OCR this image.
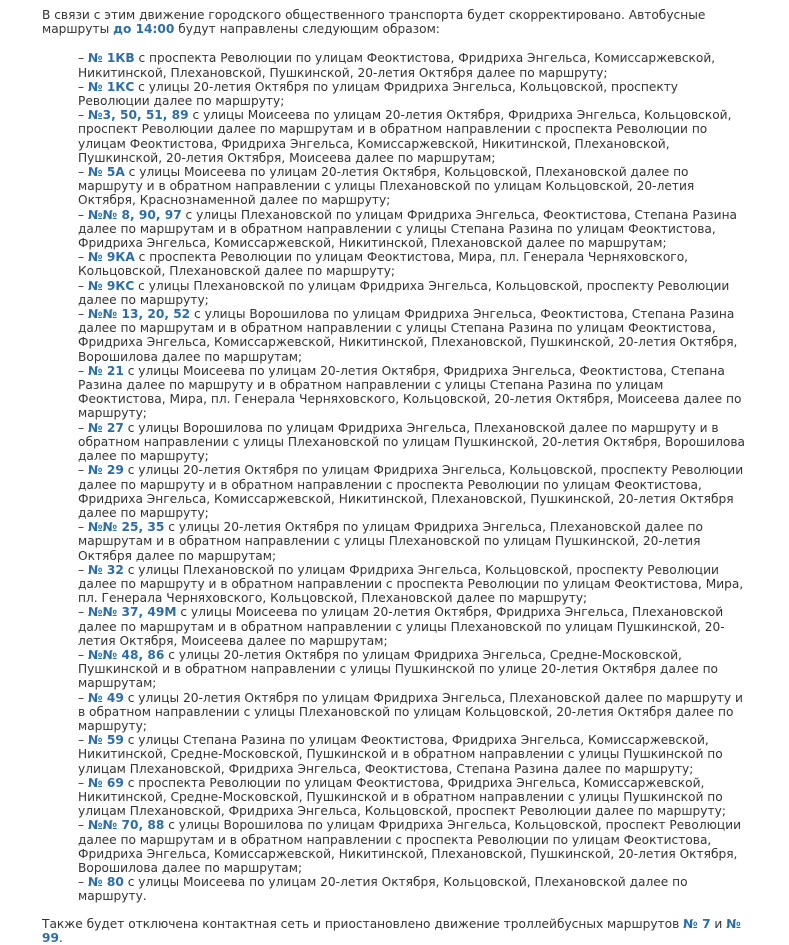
В связи с этим движение городского общественного транспорта будет скорректировано. Автобусные маршруты до 14:00 будут направлены следующим образом:

– № 1КВ с проспекта Революции по улицам Феоктистова, Фридриха Энгельса, Комиссаржевской, Никитинской, Плехановской, Пушкинской, 20-летия Октября далее по маршруту;
– № 1КС с улицы 20-летия Октября по улицам Фридриха Энгельса, Кольцовской, проспекту Революции далее по маршруту;
– №3, 50, 51, 89 с улицы Моисеева по улицам 20-летия Октября, Фридриха Энгельса, Кольцовской, проспект Революции далее по маршрутам и в обратном направлении с проспекта Революции по улицам Феоктистова, Фридриха Энгельса, Комиссаржевской, Никитинской, Плехановской, Пушкинской, 20-летия Октября, Моисеева далее по маршрутам;
– № 5А с улицы Моисеева по улицам 20-летия Октября, Кольцовской, Плехановской далее по маршруту и в обратном направлении с улицы Плехановской по улицам Кольцовской, 20-летия Октября, Краснознаменной далее по маршруту;
– №№ 8, 90, 97 с улицы Плехановской по улицам Фридриха Энгельса, Феоктистова, Степана Разина далее по маршрутам и в обратном направлении с улицы Степана Разина по улицам Феоктистова, Фридриха Энгельса, Комиссаржевской, Никитинской, Плехановской далее по маршрутам;
– № 9КА с проспекта Революции по улицам Феоктистова, Мира, пл. Генерала Черняховского, Кольцовской, Плехановской далее по маршруту;
– № 9КС с улицы Плехановской по улицам Фридриха Энгельса, Кольцовской, проспекту Революции далее по маршруту;
– №№ 13, 20, 52 с улицы Ворошилова по улицам Фридриха Энгельса, Феоктистова, Степана Разина далее по маршрутам и в обратном направлении с улицы Степана Разина по улицам Феоктистова, Фридриха Энгельса, Комиссаржевской, Никитинской, Плехановской, Пушкинской, 20-летия Октября, Ворошилова далее по маршрутам;
– № 21 с улицы Моисеева по улицам 20-летия Октября, Фридриха Энгельса, Феоктистова, Степана Разина далее по маршруту и в обратном направлении с улицы Степана Разина по улицам Феоктистова, Мира, пл. Генерала Черняховского, Кольцовской, 20-летия Октября, Моисеева далее по маршруту;
– № 27 с улицы Ворошилова по улицам Фридриха Энгельса, Плехановской далее по маршруту и в обратном направлении с улицы Плехановской по улицам Пушкинской, 20-летия Октября, Ворошилова далее по маршруту;
– № 29 с улицы 20-летия Октября по улицам Фридриха Энгельса, Кольцовской, проспекту Революции далее по маршруту и в обратном направлении с проспекта Революции по улицам Феоктистова, Фридриха Энгельса, Комиссаржевской, Никитинской, Плехановской, Пушкинской, 20-летия Октября далее по маршруту;
– №№ 25, 35 с улицы 20-летия Октября по улицам Фридриха Энгельса, Плехановской далее по маршрутам и в обратном направлении с улицы Плехановской по улицам Пушкинской, 20-летия Октября далее по маршрутам;
– № 32 с улицы Плехановской по улицам Фридриха Энгельса, Кольцовской, проспекту Революции далее по маршруту и в обратном направлении с проспекта Революции по улицам Феоктистова, Мира, пл. Генерала Черняховского, Кольцовской, Плехановской далее по маршруту;
– №№ 37, 49М с улицы Моисеева по улицам 20-летия Октября, Фридриха Энгельса, Плехановской далее по маршрутам и в обратном направлении с улицы Плехановской по улицам Пушкинской, 20-летия Октября, Моисеева далее по маршрутам;
– №№ 48, 86 с улицы 20-летия Октября по улицам Фридриха Энгельса, Средне-Московской, Пушкинской и в обратном направлении с улицы Пушкинской по улице 20-летия Октября далее по маршрутам;
– № 49 с улицы 20-летия Октября по улицам Фридриха Энгельса, Плехановской далее по маршруту и в обратном направлении с улицы Плехановской по улицам Кольцовской, 20-летия Октября далее по маршруту;
– № 59 с улицы Степана Разина по улицам Феоктистова, Фридриха Энгельса, Комиссаржевской, Никитинской, Средне-Московской, Пушкинской и в обратном направлении с улицы Пушкинской по улицам Плехановской, Фридриха Энгельса, Феоктистова, Степана Разина далее по маршруту;
– № 69 с проспекта Революции по улицам Феоктистова, Фридриха Энгельса, Комиссаржевской, Никитинской, Средне-Московской, Пушкинской и в обратном направлении с улицы Пушкинской по улицам Плехановской, Фридриха Энгельса, Кольцовской, проспект Революции далее по маршруту;
– №№ 70, 88 с улицы Ворошилова по улицам Фридриха Энгельса, Кольцовской, проспект Революции далее по маршрутам и в обратном направлении с проспекта Революции по улицам Феоктистова, Фридриха Энгельса, Комиссаржевской, Никитинской, Плехановской, Пушкинской, 20-летия Октября, Ворошилова далее по маршрутам;
– № 80 с улицы Моисеева по улицам 20-летия Октября, Кольцовской, Плехановской далее по маршруту.

Также будет отключена контактная сеть и приостановлено движение троллейбусных маршрутов № 7 и № 99.
